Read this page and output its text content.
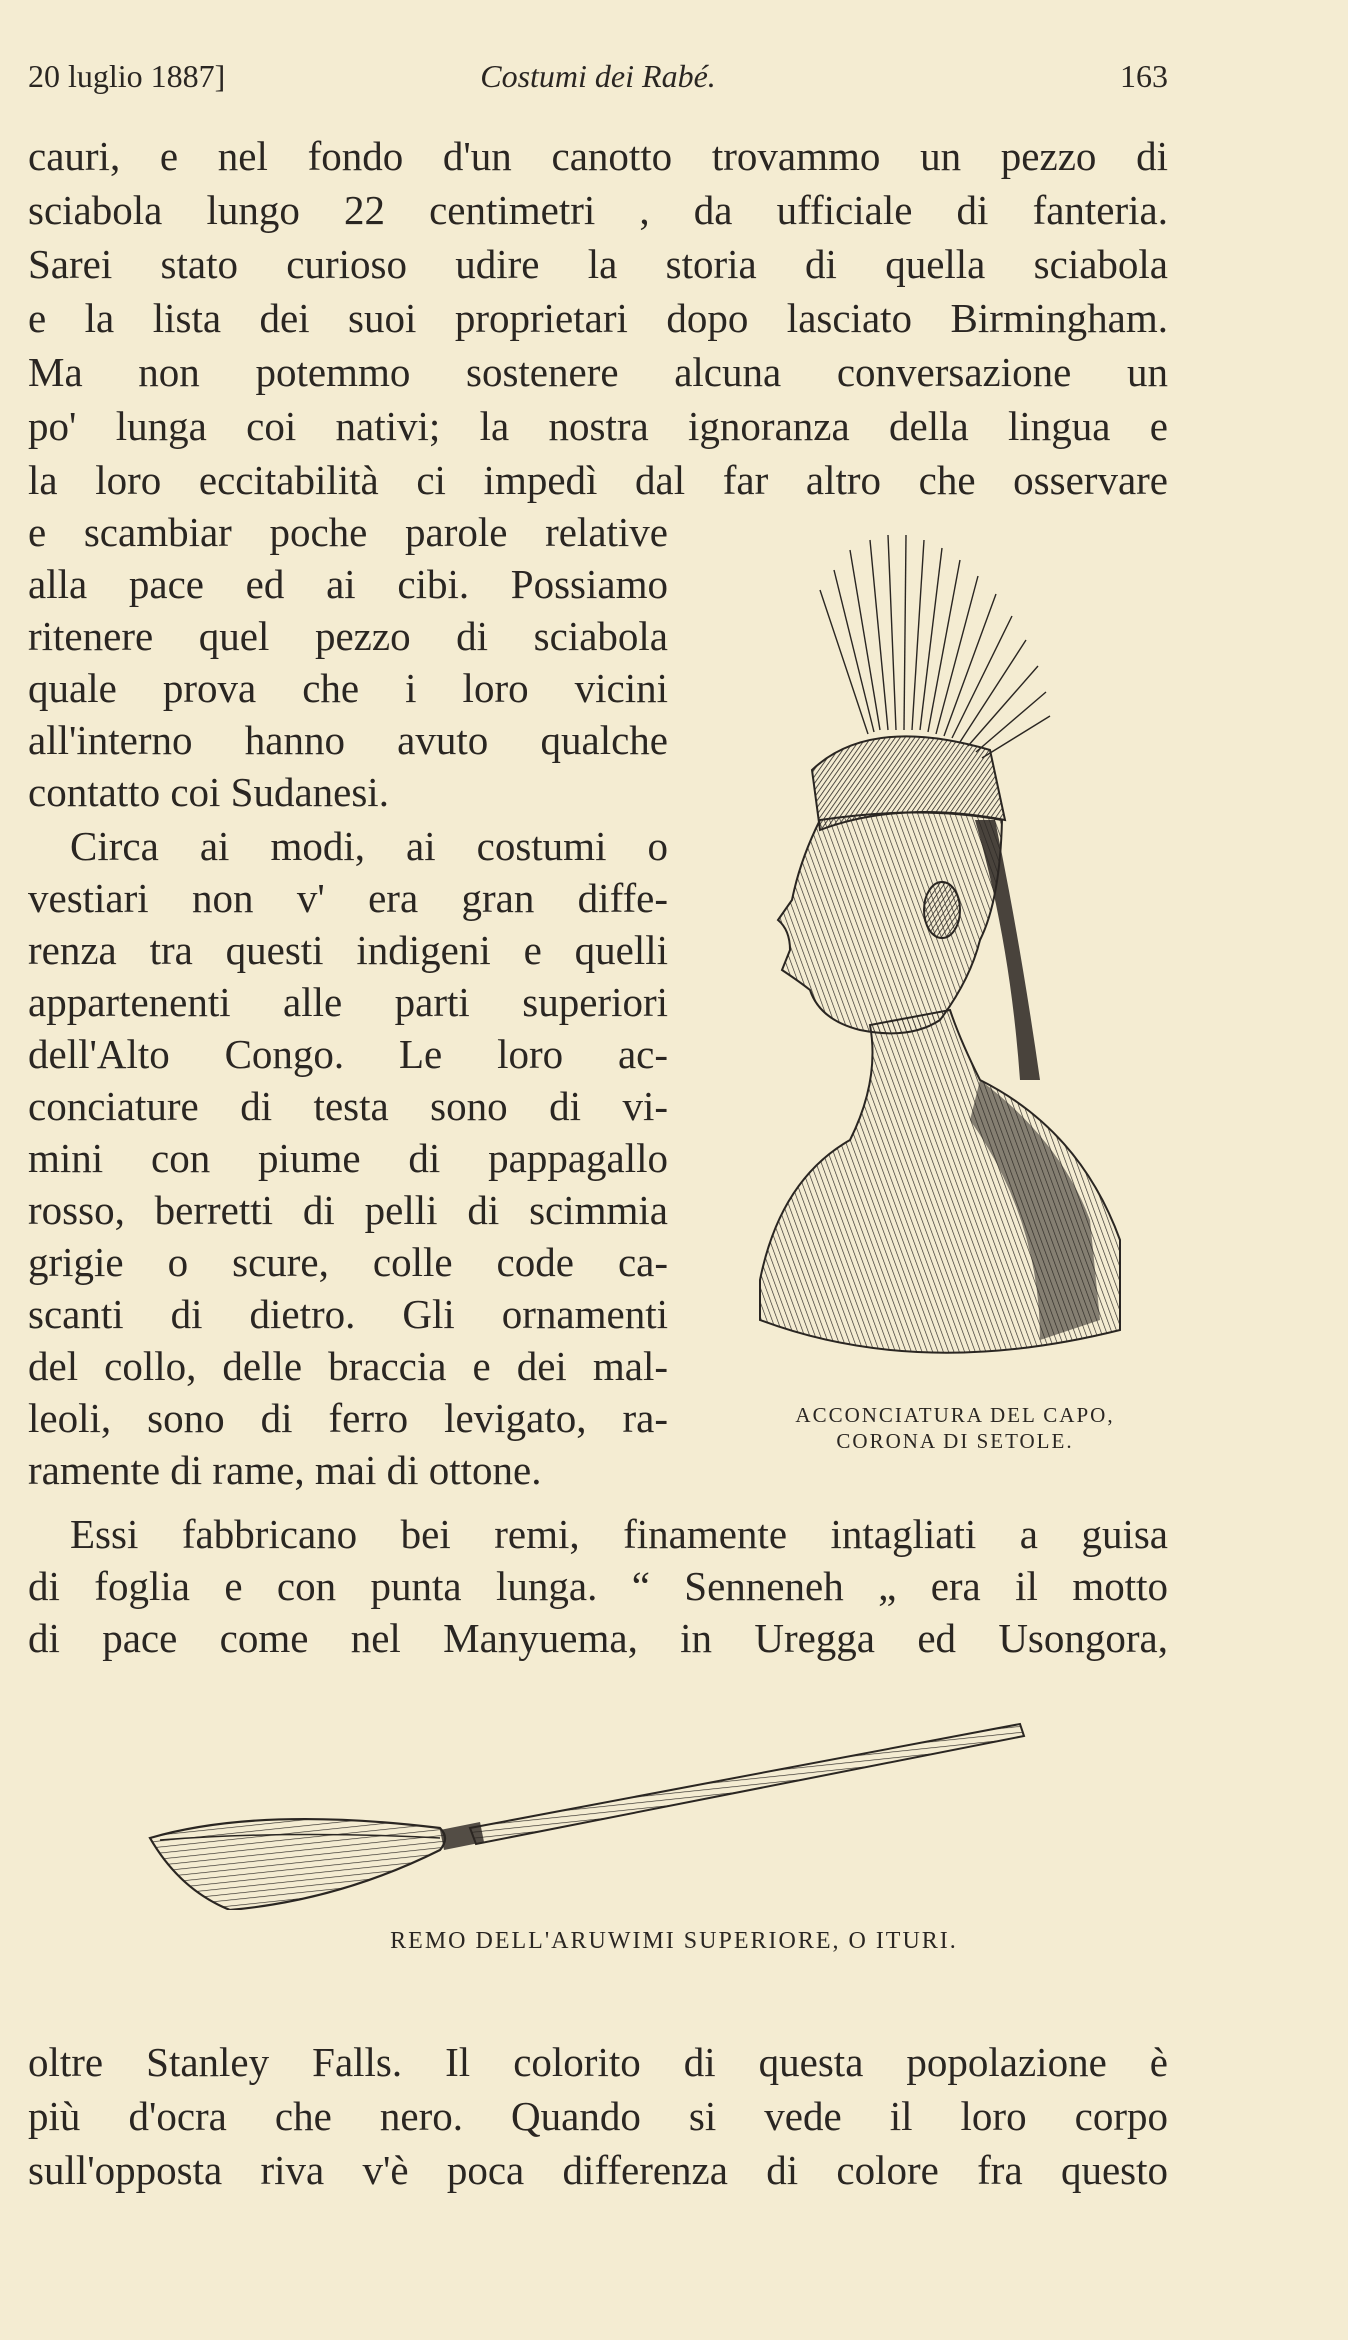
20 luglio 1887]	Costumi dei Rabé.	163
cauri, e nel fondo d'un canotto trovammo un pezzo di
sciabola lungo 22 centimetri , da ufficiale di fanteria.
Sarei stato curioso udire la storia di quella sciabola
e la lista dei suoi proprietari dopo lasciato Birmingham.
Ma non potemmo sostenere alcuna conversazione un
po' lunga coi nativi; la nostra ignoranza della lingua e
la loro eccitabilità ci impedì dal far altro che osservare
e scambiar poche parole relative
alla pace ed ai cibi. Possiamo
ritenere quel pezzo di sciabola
quale prova che i loro vicini
all'interno hanno avuto qualche
contatto coi Sudanesi.
Circa ai modi, ai costumi o
vestiari non v' era gran diffe-
renza tra questi indigeni e quelli
appartenenti alle parti superiori
dell'Alto Congo. Le loro ac-
conciature di testa sono di vi-
mini con piume di pappagallo
rosso, berretti di pelli di scimmia
grigie o scure, colle code ca-
scanti di dietro. Gli ornamenti
del collo, delle braccia e dei mal-
leoli, sono di ferro levigato, ra-
ramente di rame, mai di ottone.
ACCONCIATURA DEL CAPO,
CORONA DI SETOLE.
Essi fabbricano bei remi, finamente intagliati a guisa
di foglia e con punta lunga. “ Senneneh „ era il motto
di pace come nel Manyuema, in Uregga ed Usongora,
REMO DELL'ARUWIMI SUPERIORE, O ITURI.
oltre Stanley Falls. Il colorito di questa popolazione è
più d'ocra che nero. Quando si vede il loro corpo
sull'opposta riva v'è poca differenza di colore fra questo
